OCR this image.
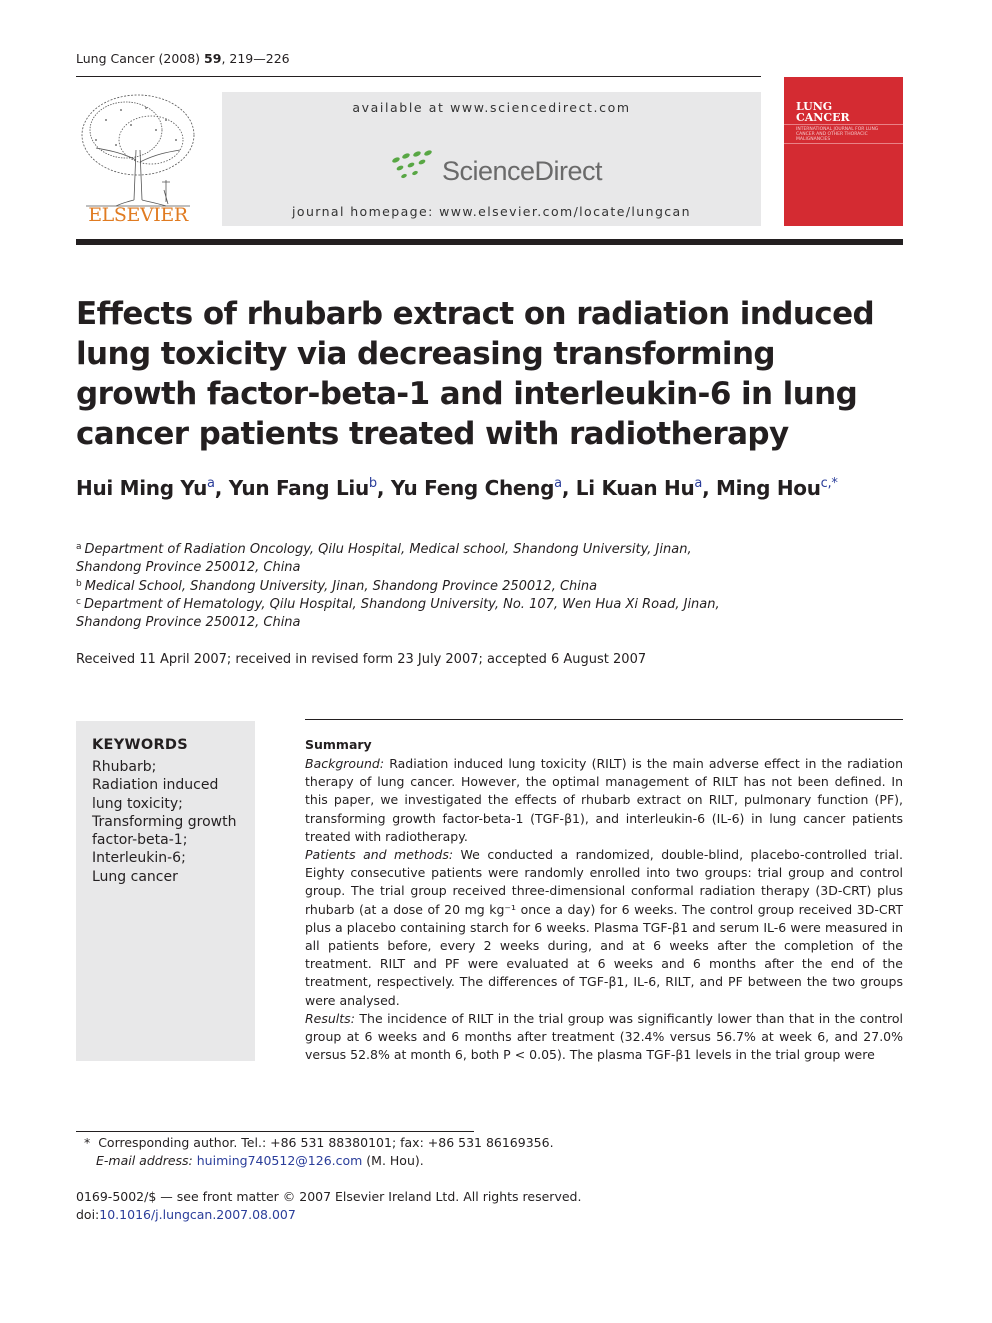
Lung Cancer (2008) 59, 219—226
ELSEVIER
available at www.sciencedirect.com
ScienceDirect
journal homepage: www.elsevier.com/locate/lungcan
LUNG
CANCER
INTERNATIONAL JOURNAL FOR LUNG CANCER AND OTHER THORACIC MALIGNANCIES
Effects of rhubarb extract on radiation induced lung toxicity via decreasing transforming growth factor-beta-1 and interleukin-6 in lung cancer patients treated with radiotherapy
Hui Ming Yu$^a$, Yun Fang Liu$^b$, Yu Feng Cheng$^a$, Li Kuan Hu$^a$, Ming Hou$^{c,*}$
$^a$ Department of Radiation Oncology, Qilu Hospital, Medical school, Shandong University, Jinan,
Shandong Province 250012, China
$^b$ Medical School, Shandong University, Jinan, Shandong Province 250012, China
$^c$ Department of Hematology, Qilu Hospital, Shandong University, No. 107, Wen Hua Xi Road, Jinan,
Shandong Province 250012, China
Received 11 April 2007; received in revised form 23 July 2007; accepted 6 August 2007
KEYWORDS
Rhubarb;
Radiation induced
lung toxicity;
Transforming growth
factor-beta-1;
Interleukin-6;
Lung cancer
Summary

Background: Radiation induced lung toxicity (RILT) is the main adverse effect in the radiation therapy of lung cancer. However, the optimal management of RILT has not been defined. In this paper, we investigated the effects of rhubarb extract on RILT, pulmonary function (PF), transforming growth factor-beta-1 (TGF-β1), and interleukin-6 (IL-6) in lung cancer patients treated with radiotherapy.

Patients and methods: We conducted a randomized, double-blind, placebo-controlled trial. Eighty consecutive patients were randomly enrolled into two groups: trial group and control group. The trial group received three-dimensional conformal radiation therapy (3D-CRT) plus rhubarb (at a dose of 20 mg kg⁻¹ once a day) for 6 weeks. The control group received 3D-CRT plus a placebo containing starch for 6 weeks. Plasma TGF-β1 and serum IL-6 were measured in all patients before, every 2 weeks during, and at 6 weeks after the completion of the treatment. RILT and PF were evaluated at 6 weeks and 6 months after the end of the treatment, respectively. The differences of TGF-β1, IL-6, RILT, and PF between the two groups were analysed.

Results: The incidence of RILT in the trial group was significantly lower than that in the control group at 6 weeks and 6 months after treatment (32.4% versus 56.7% at week 6, and 27.0% versus 52.8% at month 6, both P < 0.05). The plasma TGF-β1 levels in the trial group were

* Corresponding author. Tel.: +86 531 88380101; fax: +86 531 86169356.
E-mail address: huiming740512@126.com (M. Hou).
0169-5002/$ — see front matter © 2007 Elsevier Ireland Ltd. All rights reserved.
doi:10.1016/j.lungcan.2007.08.007
